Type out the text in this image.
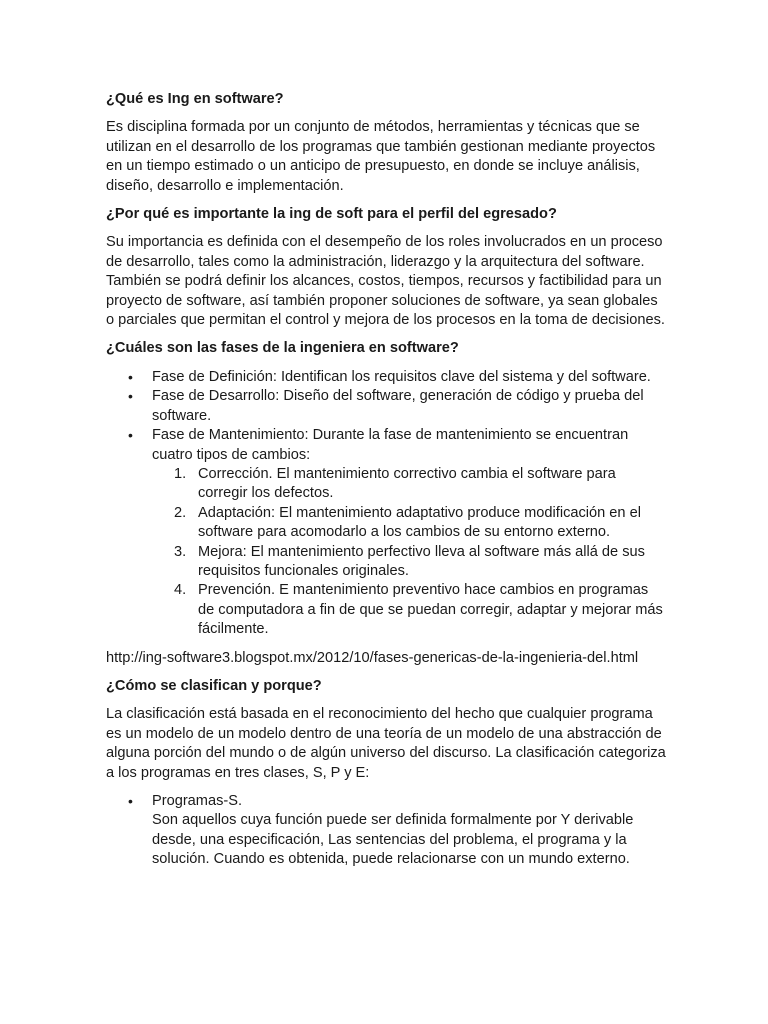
¿Qué es Ing en software?

Es disciplina formada por un conjunto de métodos, herramientas y técnicas que se utilizan en el desarrollo de los programas que también gestionan mediante proyectos en un tiempo estimado o un anticipo de presupuesto, en donde se incluye análisis, diseño, desarrollo e implementación.

¿Por qué es importante la ing de soft para el perfil del egresado?

Su importancia es definida con el desempeño de los roles involucrados en un proceso de desarrollo, tales como la administración, liderazgo y la arquitectura del software. También se podrá definir los alcances, costos, tiempos, recursos y factibilidad para un proyecto de software, así también proponer soluciones de software, ya sean globales o parciales que permitan el control y mejora de los procesos en la toma de decisiones.

¿Cuáles son las fases de la ingeniera en software?
• Fase de Definición: Identifican los requisitos clave del sistema y del software.
• Fase de Desarrollo: Diseño del software, generación de código y prueba del software.
• Fase de Mantenimiento: Durante la fase de mantenimiento se encuentran cuatro tipos de cambios:
1. Corrección. El mantenimiento correctivo cambia el software para corregir los defectos.
2. Adaptación: El mantenimiento adaptativo produce modificación en el software para acomodarlo a los cambios de su entorno externo.
3. Mejora: El mantenimiento perfectivo lleva al software más allá de sus requisitos funcionales originales.
4. Prevención. E mantenimiento preventivo hace cambios en programas de computadora a fin de que se puedan corregir, adaptar y mejorar más fácilmente.

http://ing-software3.blogspot.mx/2012/10/fases-genericas-de-la-ingenieria-del.html

¿Cómo se clasifican y porque?

La clasificación está basada en el reconocimiento del hecho que cualquier programa es un modelo de un modelo dentro de una teoría de un modelo de una abstracción de alguna porción del mundo o de algún universo del discurso. La clasificación categoriza a los programas en tres clases, S, P y E:

• Programas-S.
Son aquellos cuya función puede ser definida formalmente por Y derivable desde, una especificación, Las sentencias del problema, el programa y la solución. Cuando es obtenida, puede relacionarse con un mundo externo.
